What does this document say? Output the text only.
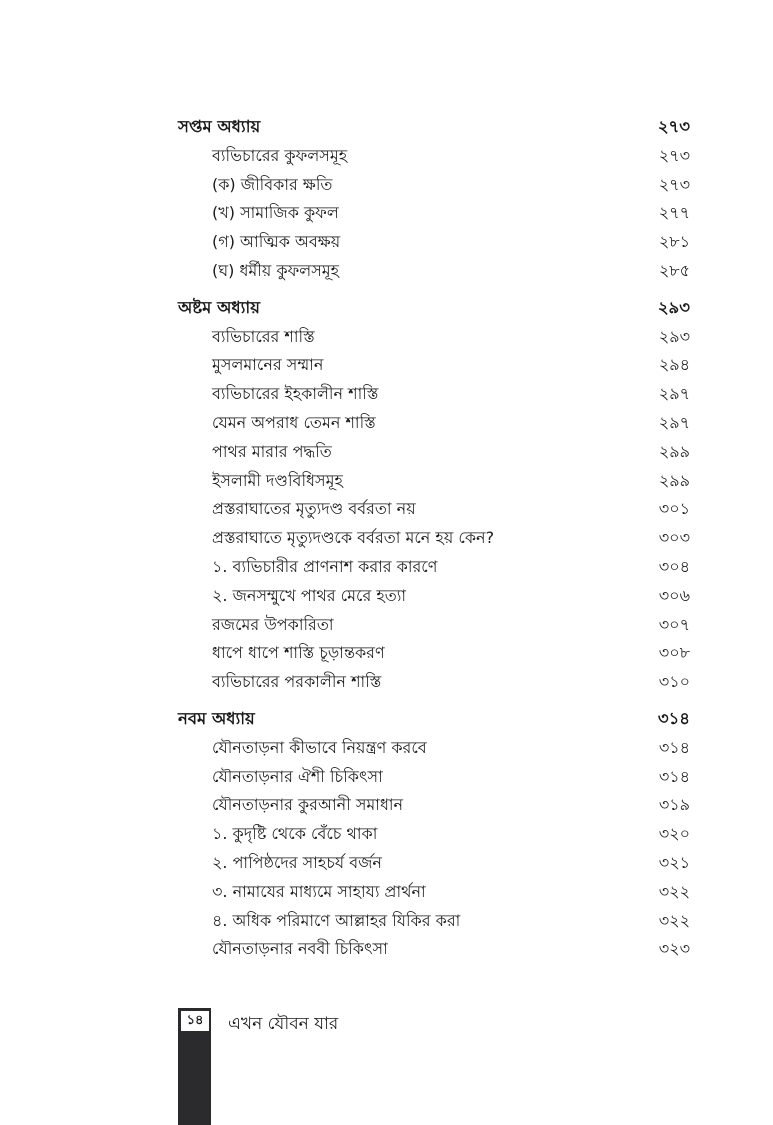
সপ্তম অধ্যায়	২৭৩
ব্যভিচারের কুফলসমূহ	২৭৩
(ক) জীবিকার ক্ষতি	২৭৩
(খ) সামাজিক কুফল	২৭৭
(গ) আত্মিক অবক্ষয়	২৮১
(ঘ) ধর্মীয় কুফলসমূহ	২৮৫
অষ্টম অধ্যায়	২৯৩
ব্যভিচারের শাস্তি	২৯৩
মুসলমানের সম্মান	২৯৪
ব্যভিচারের ইহকালীন শাস্তি	২৯৭
যেমন অপরাধ তেমন শাস্তি	২৯৭
পাথর মারার পদ্ধতি	২৯৯
ইসলামী দণ্ডবিধিসমূহ	২৯৯
প্রস্তরাঘাতের মৃত্যুদণ্ড বর্বরতা নয়	৩০১
প্রস্তরাঘাতে মৃত্যুদণ্ডকে বর্বরতা মনে হয় কেন?	৩০৩
১. ব্যভিচারীর প্রাণনাশ করার কারণে	৩০৪
২. জনসম্মুখে পাথর মেরে হত্যা	৩০৬
রজমের উপকারিতা	৩০৭
ধাপে ধাপে শাস্তি চূড়ান্তকরণ	৩০৮
ব্যভিচারের পরকালীন শাস্তি	৩১০
নবম অধ্যায়	৩১৪
যৌনতাড়না কীভাবে নিয়ন্ত্রণ করবে	৩১৪
যৌনতাড়নার ঐশী চিকিৎসা	৩১৪
যৌনতাড়নার কুরআনী সমাধান	৩১৯
১. কুদৃষ্টি থেকে বেঁচে থাকা	৩২০
২. পাপিষ্ঠদের সাহচর্য বর্জন	৩২১
৩. নামাযের মাধ্যমে সাহায্য প্রার্থনা	৩২২
৪. অধিক পরিমাণে আল্লাহর যিকির করা	৩২২
যৌনতাড়নার নববী চিকিৎসা	৩২৩
১৪	এখন যৌবন যার
